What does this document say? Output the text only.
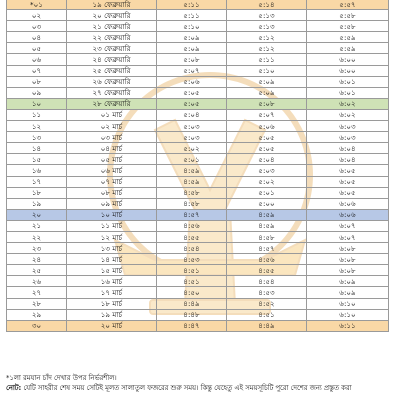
*০১	১৯ ফেব্রুয়ারি	৫:১১	৫:১৪	৫:৫৭
০২	২০ ফেব্রুয়ারি	৫:১১	৫:১৩	৫:৫৮
০৩	২১ ফেব্রুয়ারি	৫:১০	৫:১৩	৫:৫৮
০৪	২২ ফেব্রুয়ারি	৫:০৯	৫:১২	৫:৫৯
০৫	২৩ ফেব্রুয়ারি	৫:০৯	৫:১২	৫:৫৯
০৬	২৪ ফেব্রুয়ারি	৫:০৮	৫:১১	৬:০০
০৭	২৫ ফেব্রুয়ারি	৫:০৭	৫:১০	৬:০০
০৮	২৬ ফেব্রুয়ারি	৫:০৬	৫:০৯	৬:০১
০৯	২৭ ফেব্রুয়ারি	৫:০৫	৫:০৯	৬:০১
১০	২৮ ফেব্রুয়ারি	৫:০৫	৫:০৮	৬:০২
১১	০১ মার্চ	৫:০৪	৫:০৭	৬:০২
১২	০২ মার্চ	৫:০৩	৫:০৬	৬:০৩
১৩	০৩ মার্চ	৫:০৩	৫:০৫	৬:০৩
১৪	০৪ মার্চ	৫:০২	৫:০৫	৬:০৪
১৫	০৫ মার্চ	৫:০১	৫:০৪	৬:০৪
১৬	০৬ মার্চ	৪:৫৯	৫:০৩	৬:০৫
১৭	০৭ মার্চ	৪:৫৯	৫:০২	৬:০৫
১৮	০৮ মার্চ	৪:৫৮	৫:০১	৬:০৫
১৯	০৯ মার্চ	৪:৫৮	৫:০০	৬:০৬
২০	১০ মার্চ	৪:৫৭	৪:৫৯	৬:০৬
২১	১১ মার্চ	৪:৫৬	৪:৫৯	৬:০৭
২২	১২ মার্চ	৪:৫৫	৪:৫৮	৬:০৭
২৩	১৩ মার্চ	৪:৫৪	৪:৫৭	৬:০৮
২৪	১৪ মার্চ	৪:৫৩	৪:৫৬	৬:০৮
২৫	১৫ মার্চ	৪:৫১	৪:৫৫	৬:০৮
২৬	১৬ মার্চ	৪:৫১	৪:৫৪	৬:০৯
২৭	১৭ মার্চ	৪:৫০	৪:৫৩	৬:০৯
২৮	১৮ মার্চ	৪:৪৯	৪:৫২	৬:১০
২৯	১৯ মার্চ	৪:৪৮	৪:৫১	৬:১০
৩০	২০ মার্চ	৪:৪৭	৪:৪৯	৬:১১
*১লা রমযান চাঁদ দেখার উপর নির্ভরশীল।
নোট: যেটি সাহরীর শেষ সময় সেটিই মূলত সালাতুল ফজরের শুরু সময়। কিন্তু যেহেতু এই সময়সূচিটি পুরো দেশের জন্য প্রস্তুত করা
